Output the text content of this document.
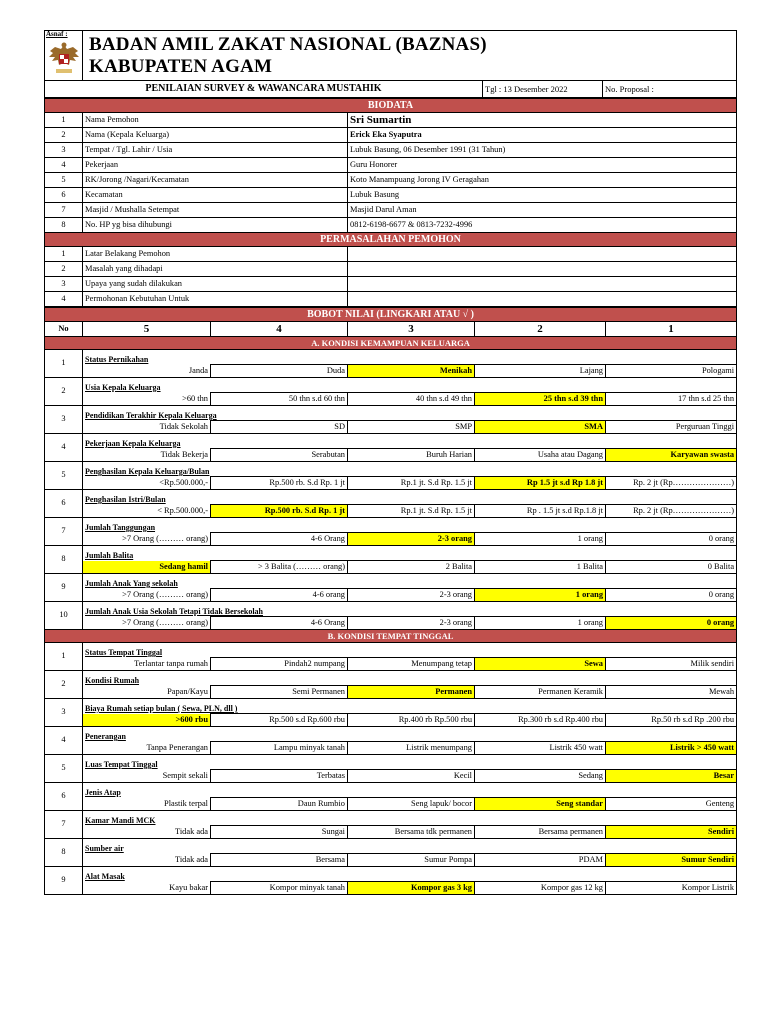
Asnaf :	BADAN AMIL ZAKAT NASIONAL (BAZNAS)
KABUPATEN AGAM		

PENILAIAN SURVEY & WAWANCARA MUSTAHIK		Tgl : 13 Desember 2022	No. Proposal :
BIODATA		
1	Nama Pemohon	Sri Sumartin
2	Nama (Kepala Keluarga)	Erick Eka Syaputra
3	Tempat / Tgl. Lahir / Usia	Lubuk Basung, 06 Desember 1991 (31 Tahun)
4	Pekerjaan	Guru Honorer
5	RK/Jorong /Nagari/Kecamatan	Koto Manampuang Jorong IV Geragahan
6	Kecamatan	Lubuk Basung
7	Masjid / Mushalla Setempat	Masjid Darul Aman
8	No. HP yg bisa dihubungi	0812-6198-6677 & 0813-7232-4996
PERMASALAHAN PEMOHON		
1	Latar Belakang Pemohon	
2	Masalah yang dihadapi	
3	Upaya yang sudah dilakukan	
4	Permohonan Kebutuhan Untuk	
BOBOT NILAI (LINGKARI ATAU √ )					
No	5	4	3	2	1
A. KONDISI KEMAMPUAN KELUARGA					
1	Status Pernikahan				
	Janda	Duda	Menikah	Lajang	Pologami
2	Usia Kepala Keluarga				
	>60 thn	50 thn s.d 60 thn	40 thn s.d 49 thn	25 thn s.d 39 thn	17 thn s.d 25 thn
3	Pendidikan Terakhir Kepala Keluarga				
	Tidak Sekolah	SD	SMP	SMA	Perguruan Tinggi
4	Pekerjaan Kepala Keluarga				
	Tidak Bekerja	Serabutan	Buruh Harian	Usaha atau Dagang	Karyawan swasta
5	Penghasilan Kepala Keluarga/Bulan				
	<Rp.500.000,-	Rp.500 rb. S.d Rp. 1 jt	Rp.1 jt. S.d Rp. 1.5 jt	Rp 1.5 jt s.d Rp 1.8 jt	Rp. 2 jt (Rp…………………)
6	Penghasilan Istri/Bulan				
	< Rp.500.000,-	Rp.500 rb. S.d Rp. 1 jt	Rp.1 jt. S.d Rp. 1.5 jt	Rp . 1.5 jt s.d Rp.1.8 jt	Rp. 2 jt (Rp…………………)
7	Jumlah Tanggungan				
	>7 Orang (……… orang)	4-6 Orang	2-3 orang	1 orang	0 orang
8	Jumlah Balita				
	Sedang hamil	> 3 Balita (……… orang)	2 Balita	1 Balita	0 Balita
9	Jumlah Anak Yang sekolah				
	>7 Orang (……… orang)	4-6 orang	2-3 orang	1 orang	0 orang
10	Jumlah Anak Usia Sekolah Tetapi Tidak Bersekolah				
	>7 Orang (……… orang)	4-6 Orang	2-3 orang	1 orang	0 orang
B. KONDISI TEMPAT TINGGAL					
1	Status Tempat Tinggal				
	Terlantar tanpa rumah	Pindah2 numpang	Menumpang tetap	Sewa	Milik sendiri
2	Kondisi Rumah				
	Papan/Kayu	Semi Permanen	Permanen	Permanen Keramik	Mewah
3	Biaya Rumah setiap bulan ( Sewa, PLN, dll )				
	>600 rbu	Rp.500 s.d Rp.600 rbu	Rp.400 rb Rp.500 rbu	Rp.300 rb s.d Rp.400 rbu	Rp.50 rb s.d Rp .200 rbu
4	Penerangan				
	Tanpa Penerangan	Lampu minyak tanah	Listrik menumpang	Listrik 450 watt	Listrik > 450 watt
5	Luas Tempat Tinggal				
	Sempit sekali	Terbatas	Kecil	Sedang	Besar
6	Jenis Atap				
	Plastik terpal	Daun Rumbio	Seng lapuk/ bocor	Seng standar	Genteng
7	Kamar Mandi MCK				
	Tidak ada	Sungai	Bersama tdk permanen	Bersama permanen	Sendiri
8	Sumber air				
	Tidak ada	Bersama	Sumur Pompa	PDAM	Sumur Sendiri
9	Alat Masak				
	Kayu bakar	Kompor minyak tanah	Kompor gas 3 kg	Kompor gas 12 kg	Kompor Listrik
